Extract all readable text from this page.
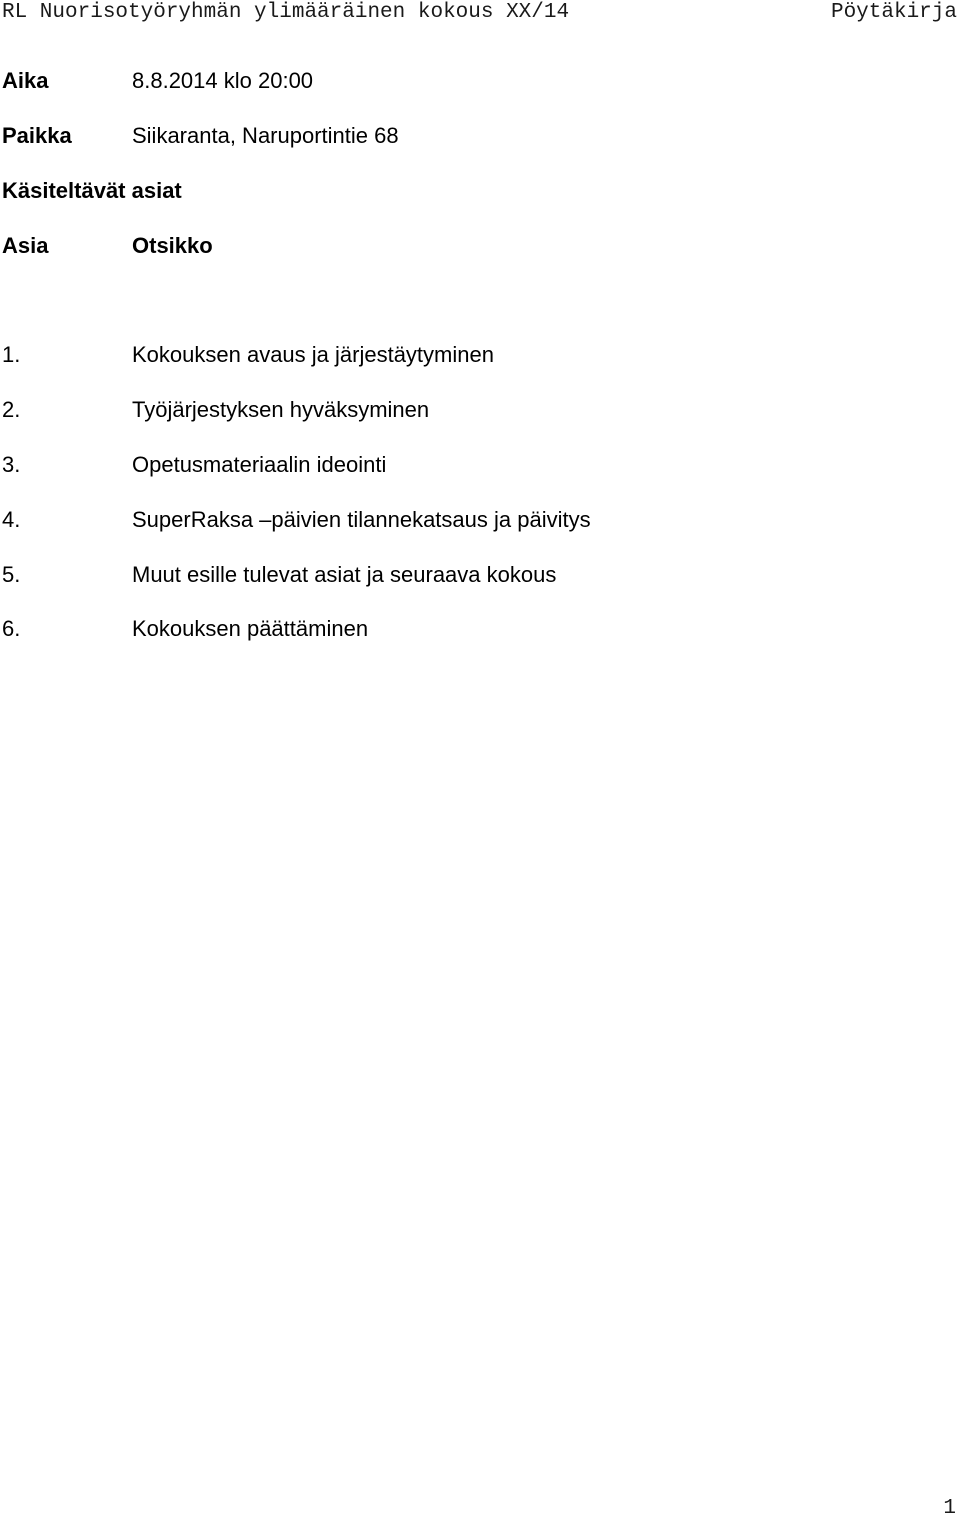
RL Nuorisotyöryhmän ylimääräinen kokous XX/14	Pöytäkirja
Aika	8.8.2014 klo 20:00
Paikka	Siikaranta, Naruportintie 68
Käsiteltävät asiat
Asia	Otsikko
1.	Kokouksen avaus ja järjestäytyminen
2.	Työjärjestyksen hyväksyminen
3.	Opetusmateriaalin ideointi
4.	SuperRaksa –päivien tilannekatsaus ja päivitys
5.	Muut esille tulevat asiat ja seuraava kokous
6.	Kokouksen päättäminen
1
